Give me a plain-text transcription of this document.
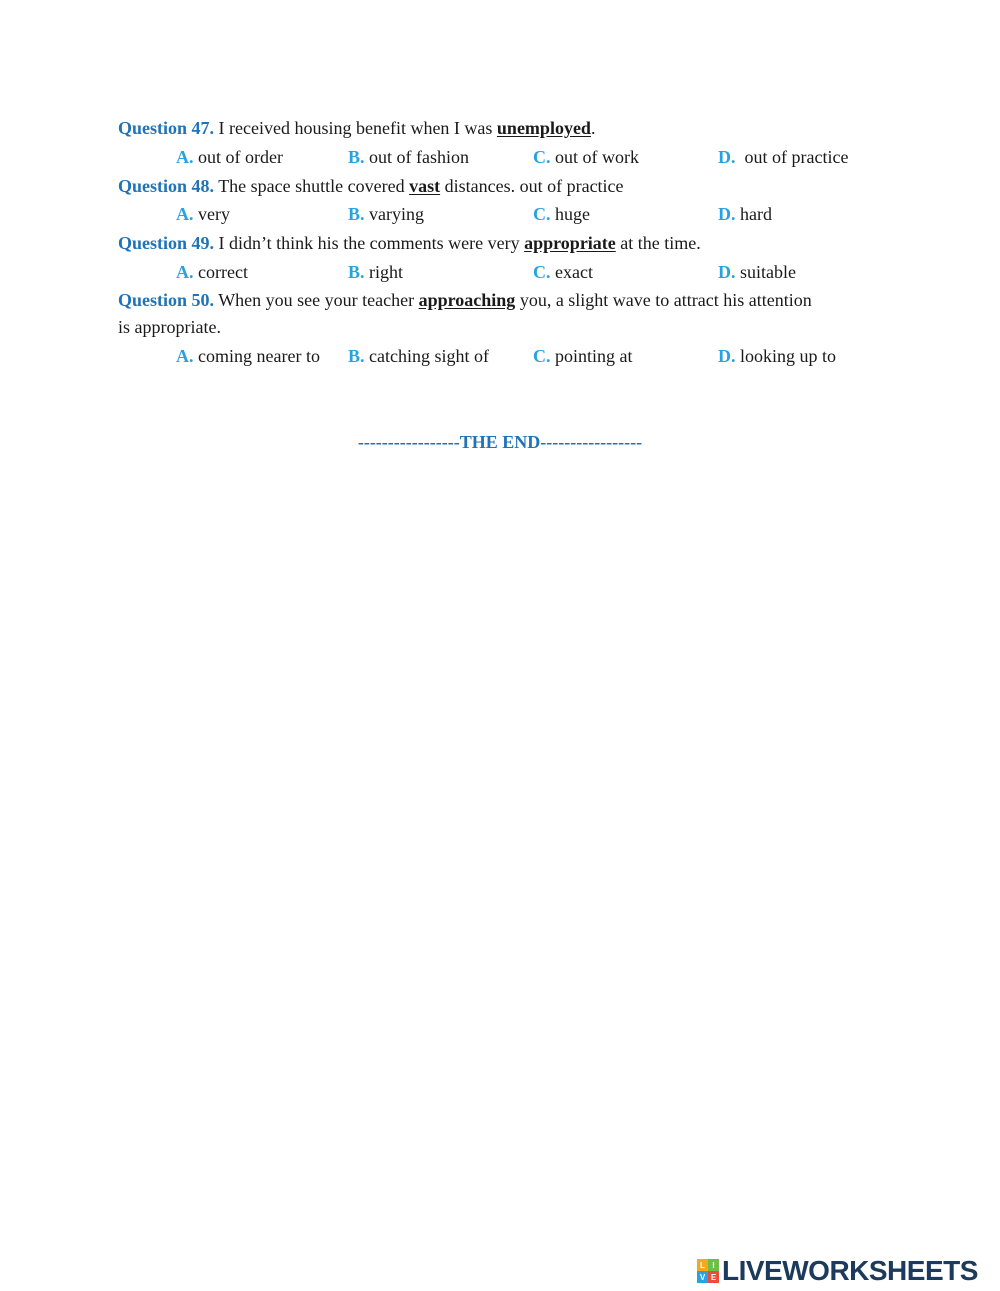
Question 47. I received housing benefit when I was unemployed.
A. out of order	B. out of fashion	C. out of work	D.  out of practice
Question 48. The space shuttle covered vast distances. out of practice
A. very	B. varying	C. huge	D. hard
Question 49. I didn’t think his the comments were very appropriate at the time.
A. correct	B. right	C. exact	D. suitable
Question 50. When you see your teacher approaching you, a slight wave to attract his attention
is appropriate.
A. coming nearer to B. catching sight of C. pointing at	D. looking up to
-----------------THE END-----------------
L I
V E LIVEWORKSHEETS
